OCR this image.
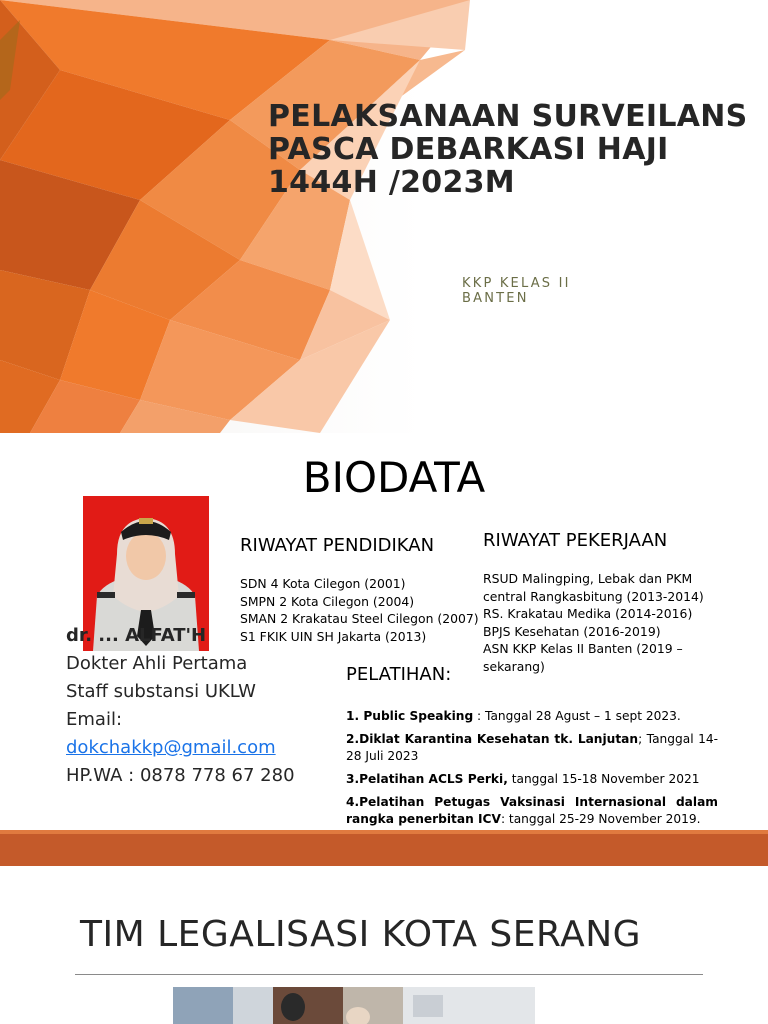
PELAKSANAAN SURVEILANS PASCA DEBARKASI HAJI 1444H /2023M
KKP KELAS II BANTEN
BIODATA
RIWAYAT PENDIDIKAN
SDN 4 Kota Cilegon (2001)
SMPN 2 Kota Cilegon (2004)
SMAN 2 Krakatau Steel Cilegon (2007)
S1 FKIK UIN SH Jakarta (2013)
RIWAYAT PEKERJAAN
RSUD Malingping, Lebak dan PKM central Rangkasbitung (2013-2014)
RS. Krakatau Medika (2014-2016)
BPJS Kesehatan (2016-2019)
ASN KKP Kelas II Banten (2019 – sekarang)
dr. ... ALFAT'H
Dokter Ahli Pertama
Staff substansi UKLW
Email:
dokchakkp@gmail.com
HP.WA : 0878 778 67 280
PELATIHAN:

1. Public Speaking : Tanggal 28 Agust – 1 sept 2023.

2.Diklat Karantina Kesehatan tk. Lanjutan; Tanggal 14- 28 Juli 2023

3.Pelatihan ACLS Perki, tanggal 15-18 November 2021

4.Pelatihan Petugas Vaksinasi Internasional dalam rangka penerbitan ICV: tanggal 25-29 November 2019.

TIM LEGALISASI KOTA SERANG
